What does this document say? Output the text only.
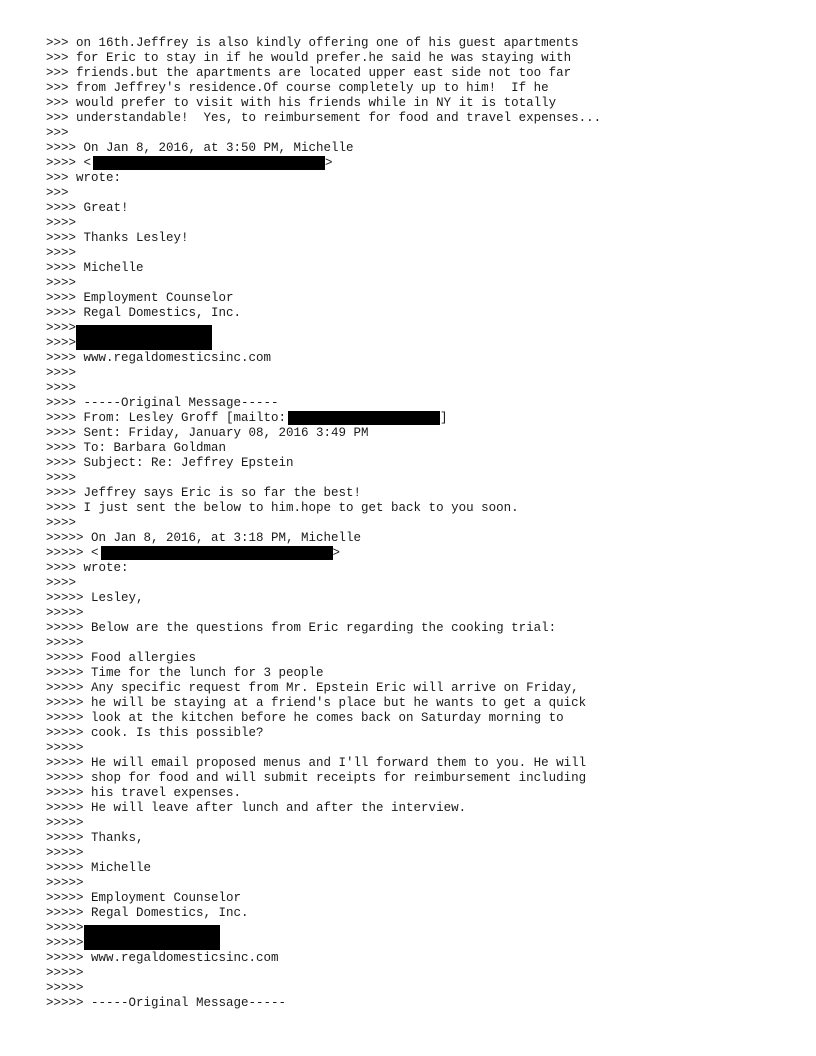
>>> on 16th.Jeffrey is also kindly offering one of his guest apartments
>>> for Eric to stay in if he would prefer.he said he was staying with
>>> friends.but the apartments are located upper east side not too far
>>> from Jeffrey's residence.Of course completely up to him!  If he
>>> would prefer to visit with his friends while in NY it is totally
>>> understandable!  Yes, to reimbursement for food and travel expenses...
>>>
>>>> On Jan 8, 2016, at 3:50 PM, Michelle
>>>> <	>
>>> wrote:
>>>
>>>> Great!
>>>>
>>>> Thanks Lesley!
>>>>
>>>> Michelle
>>>>
>>>> Employment Counselor
>>>> Regal Domestics, Inc.
>>>>
>>>>
>>>> www.regaldomesticsinc.com
>>>>
>>>>
>>>> -----Original Message-----
>>>> From: Lesley Groff [mailto:	]
>>>> Sent: Friday, January 08, 2016 3:49 PM
>>>> To: Barbara Goldman
>>>> Subject: Re: Jeffrey Epstein
>>>>
>>>> Jeffrey says Eric is so far the best!
>>>> I just sent the below to him.hope to get back to you soon.
>>>>
>>>>> On Jan 8, 2016, at 3:18 PM, Michelle
>>>>> <	>
>>>> wrote:
>>>>
>>>>> Lesley,
>>>>>
>>>>> Below are the questions from Eric regarding the cooking trial:
>>>>>
>>>>> Food allergies
>>>>> Time for the lunch for 3 people
>>>>> Any specific request from Mr. Epstein Eric will arrive on Friday,
>>>>> he will be staying at a friend's place but he wants to get a quick
>>>>> look at the kitchen before he comes back on Saturday morning to
>>>>> cook. Is this possible?
>>>>>
>>>>> He will email proposed menus and I'll forward them to you. He will
>>>>> shop for food and will submit receipts for reimbursement including
>>>>> his travel expenses.
>>>>> He will leave after lunch and after the interview.
>>>>>
>>>>> Thanks,
>>>>>
>>>>> Michelle
>>>>>
>>>>> Employment Counselor
>>>>> Regal Domestics, Inc.
>>>>>
>>>>>
>>>>> www.regaldomesticsinc.com
>>>>>
>>>>>
>>>>> -----Original Message-----
